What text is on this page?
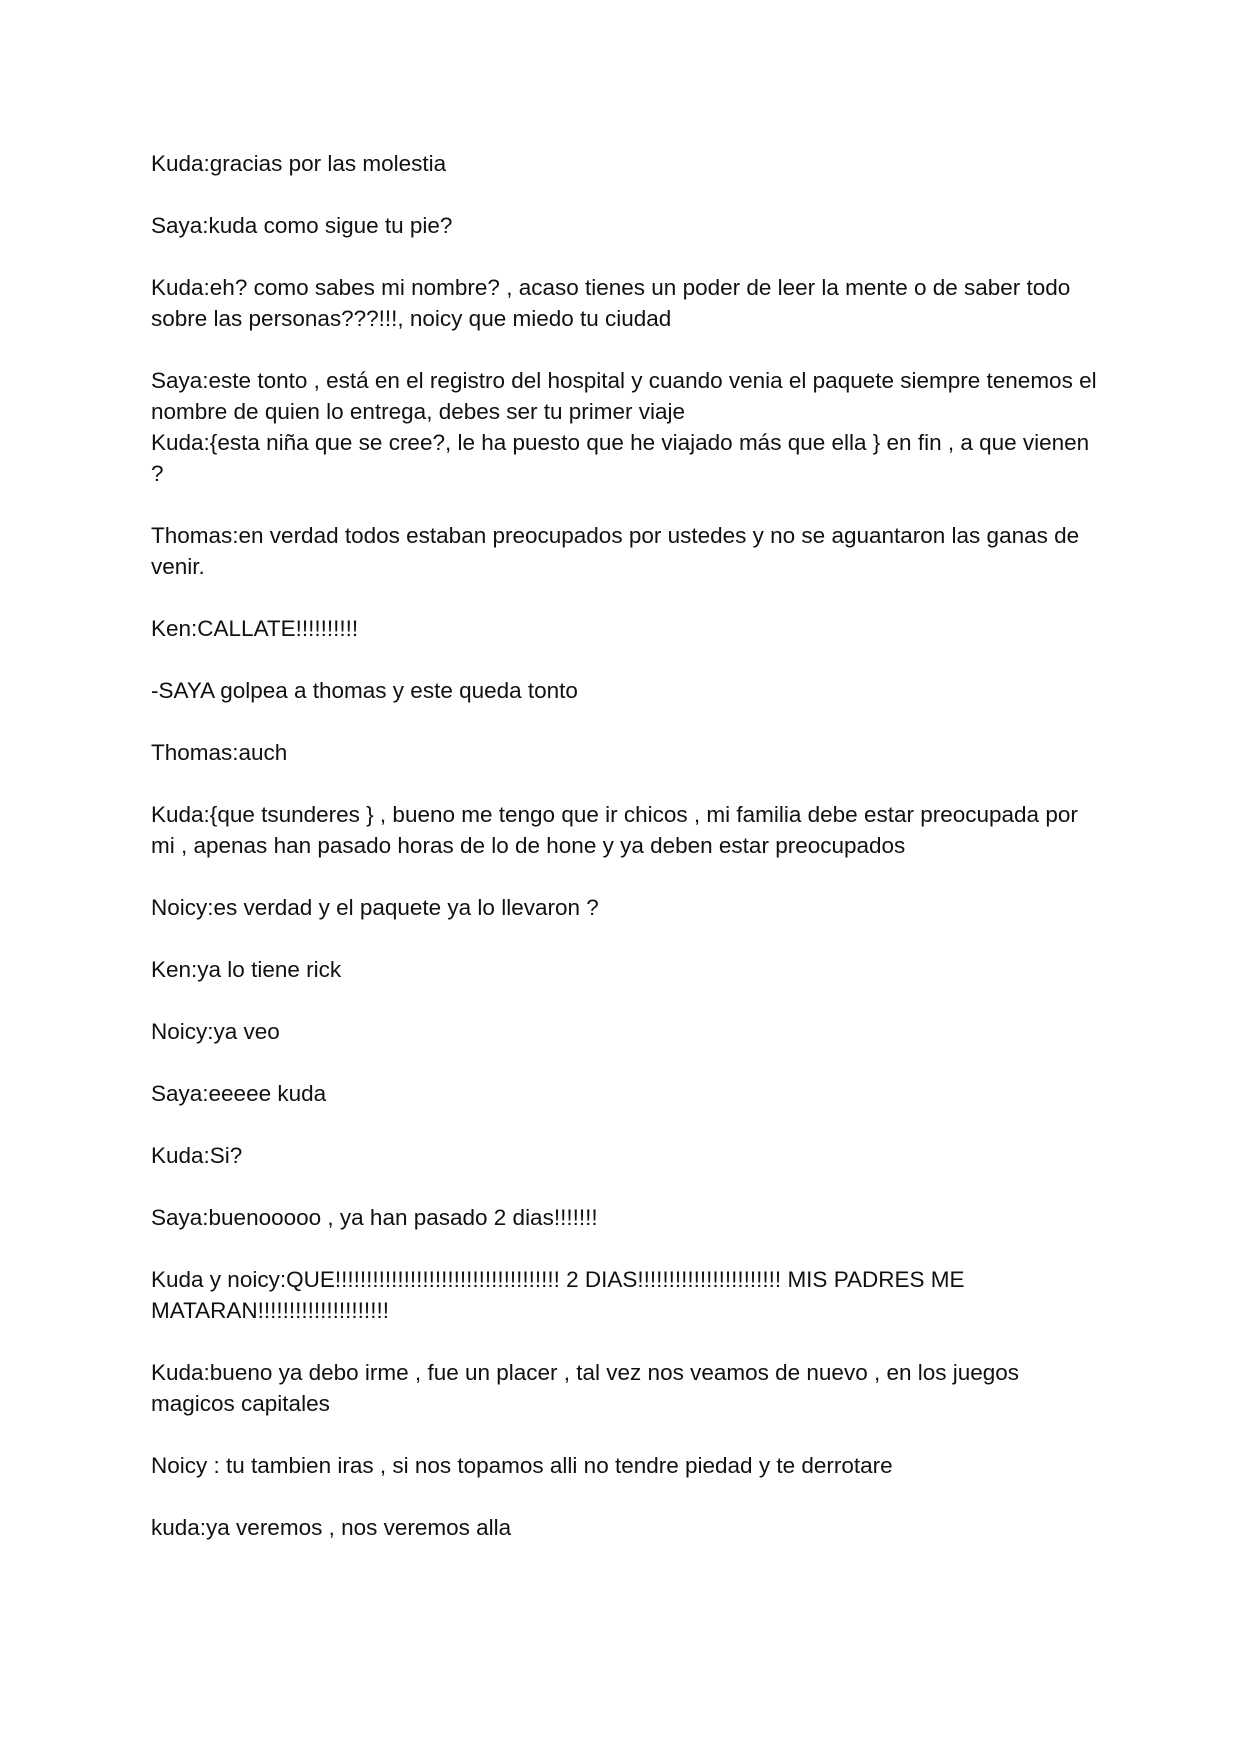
Kuda:gracias por las molestia

Saya:kuda como sigue tu pie?

Kuda:eh? como sabes mi nombre? , acaso tienes un poder de leer la mente o de saber todo sobre las personas???!!!, noicy que miedo tu ciudad

Saya:este tonto , está en el registro del hospital y cuando venia el paquete siempre tenemos el nombre de quien lo entrega, debes ser tu primer viaje

Kuda:{esta niña que se cree?, le ha puesto que he viajado más que ella } en fin , a que vienen ?

Thomas:en verdad todos estaban preocupados por ustedes y no se aguantaron las ganas de venir.

Ken:CALLATE!!!!!!!!!!

-SAYA golpea a thomas y este queda tonto

Thomas:auch

Kuda:{que tsunderes } , bueno me tengo que ir chicos , mi familia debe estar preocupada por mi , apenas han pasado horas de lo de hone y ya deben estar preocupados

Noicy:es verdad y el paquete ya lo llevaron ?

Ken:ya lo tiene rick

Noicy:ya veo

Saya:eeeee kuda

Kuda:Si?

Saya:buenooooo , ya han pasado 2 dias!!!!!!!

Kuda y noicy:QUE!!!!!!!!!!!!!!!!!!!!!!!!!!!!!!!!!!!! 2 DIAS!!!!!!!!!!!!!!!!!!!!!!! MIS PADRES ME MATARAN!!!!!!!!!!!!!!!!!!!!!

Kuda:bueno ya debo irme , fue un placer , tal vez nos veamos de nuevo , en los juegos magicos capitales

Noicy : tu tambien iras , si nos topamos alli no tendre piedad y te derrotare

kuda:ya veremos , nos veremos alla
